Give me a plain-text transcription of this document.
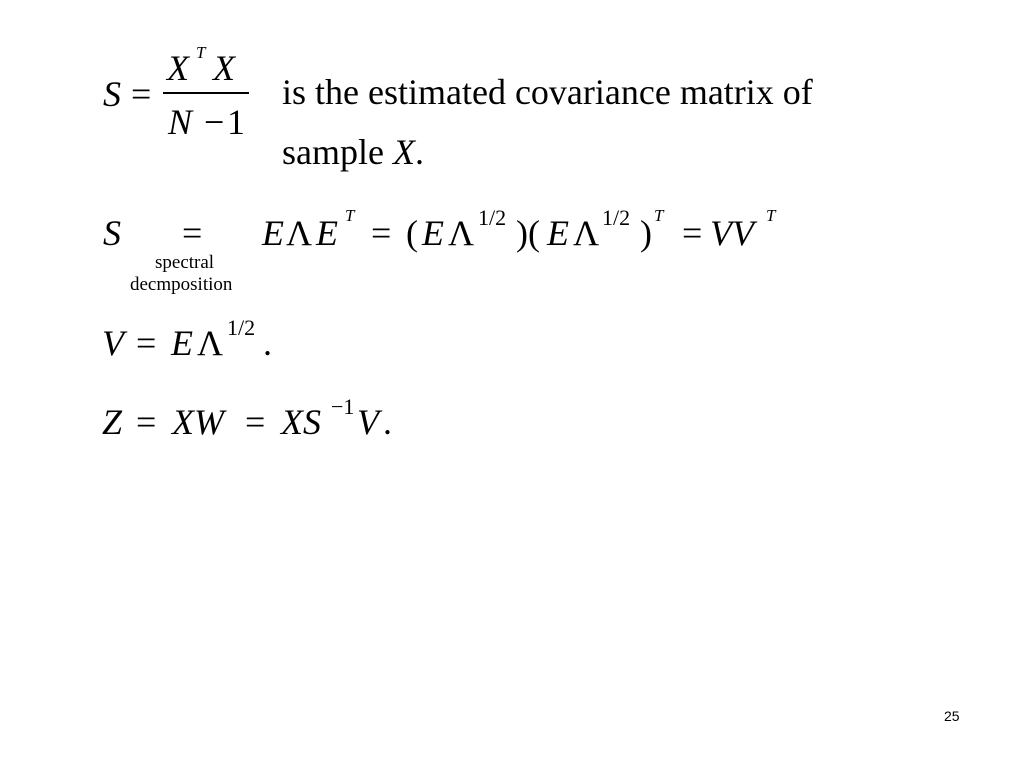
S =
X T X
N − 1
is the estimated covariance matrix of
sample X.
S =
spectral
decmposition
E Λ E T = ( E Λ 1/2 )( E Λ 1/2 ) T = VV T
V = E Λ 1/2 .
Z = XW = XS −1 V .
25
